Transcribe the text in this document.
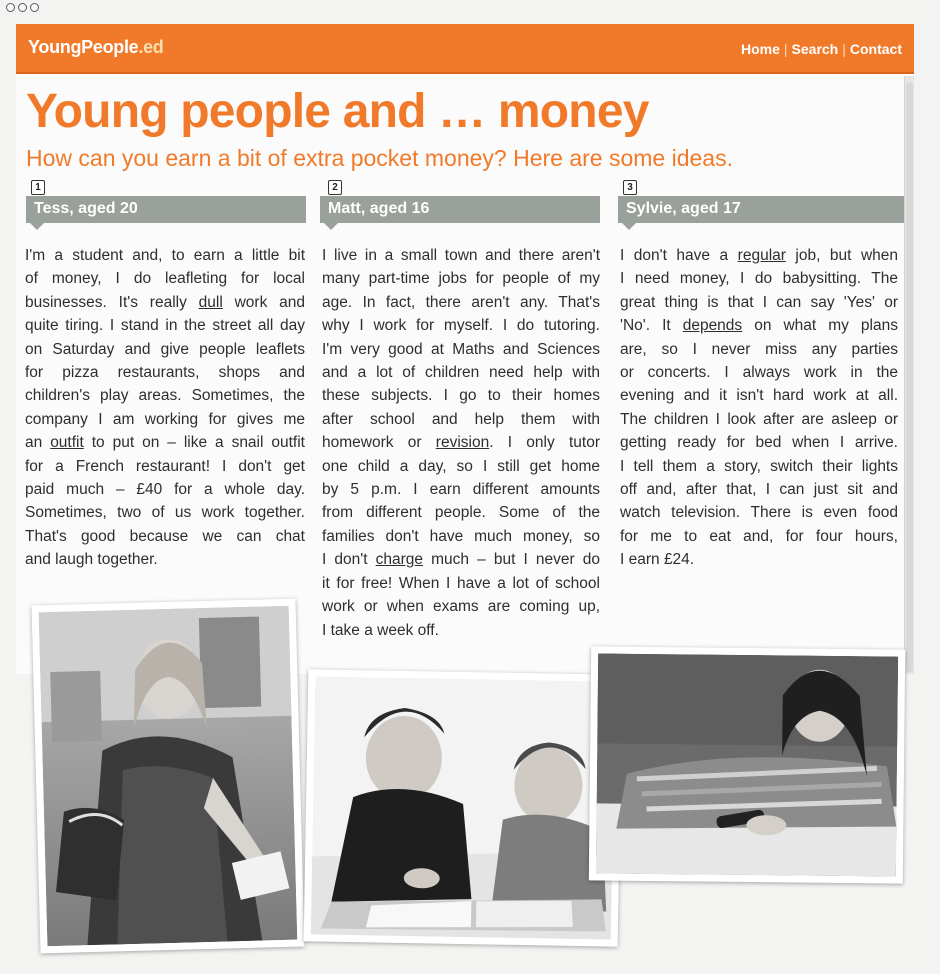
YoungPeople.ed	Home | Search | Contact
Young people and … money
How can you earn a bit of extra pocket money? Here are some ideas.
1
Tess, aged 20
I'm a student and, to earn a little bit
of money, I do leafleting for local
businesses. It's really dull work and
quite tiring. I stand in the street all day
on Saturday and give people leaflets
for pizza restaurants, shops and
children's play areas. Sometimes, the
company I am working for gives me
an outfit to put on – like a snail outfit
for a French restaurant! I don't get
paid much – £40 for a whole day.
Sometimes, two of us work together.
That's good because we can chat
and laugh together.
2
Matt, aged 16
I live in a small town and there aren't
many part-time jobs for people of my
age. In fact, there aren't any. That's
why I work for myself. I do tutoring.
I'm very good at Maths and Sciences
and a lot of children need help with
these subjects. I go to their homes
after school and help them with
homework or revision. I only tutor
one child a day, so I still get home
by 5 p.m. I earn different amounts
from different people. Some of the
families don't have much money, so
I don't charge much – but I never do
it for free! When I have a lot of school
work or when exams are coming up,
I take a week off.
3
Sylvie, aged 17
I don't have a regular job, but when
I need money, I do babysitting. The
great thing is that I can say 'Yes' or
'No'. It depends on what my plans
are, so I never miss any parties
or concerts. I always work in the
evening and it isn't hard work at all.
The children I look after are asleep or
getting ready for bed when I arrive.
I tell them a story, switch their lights
off and, after that, I can just sit and
watch television. There is even food
for me to eat and, for four hours,
I earn £24.
